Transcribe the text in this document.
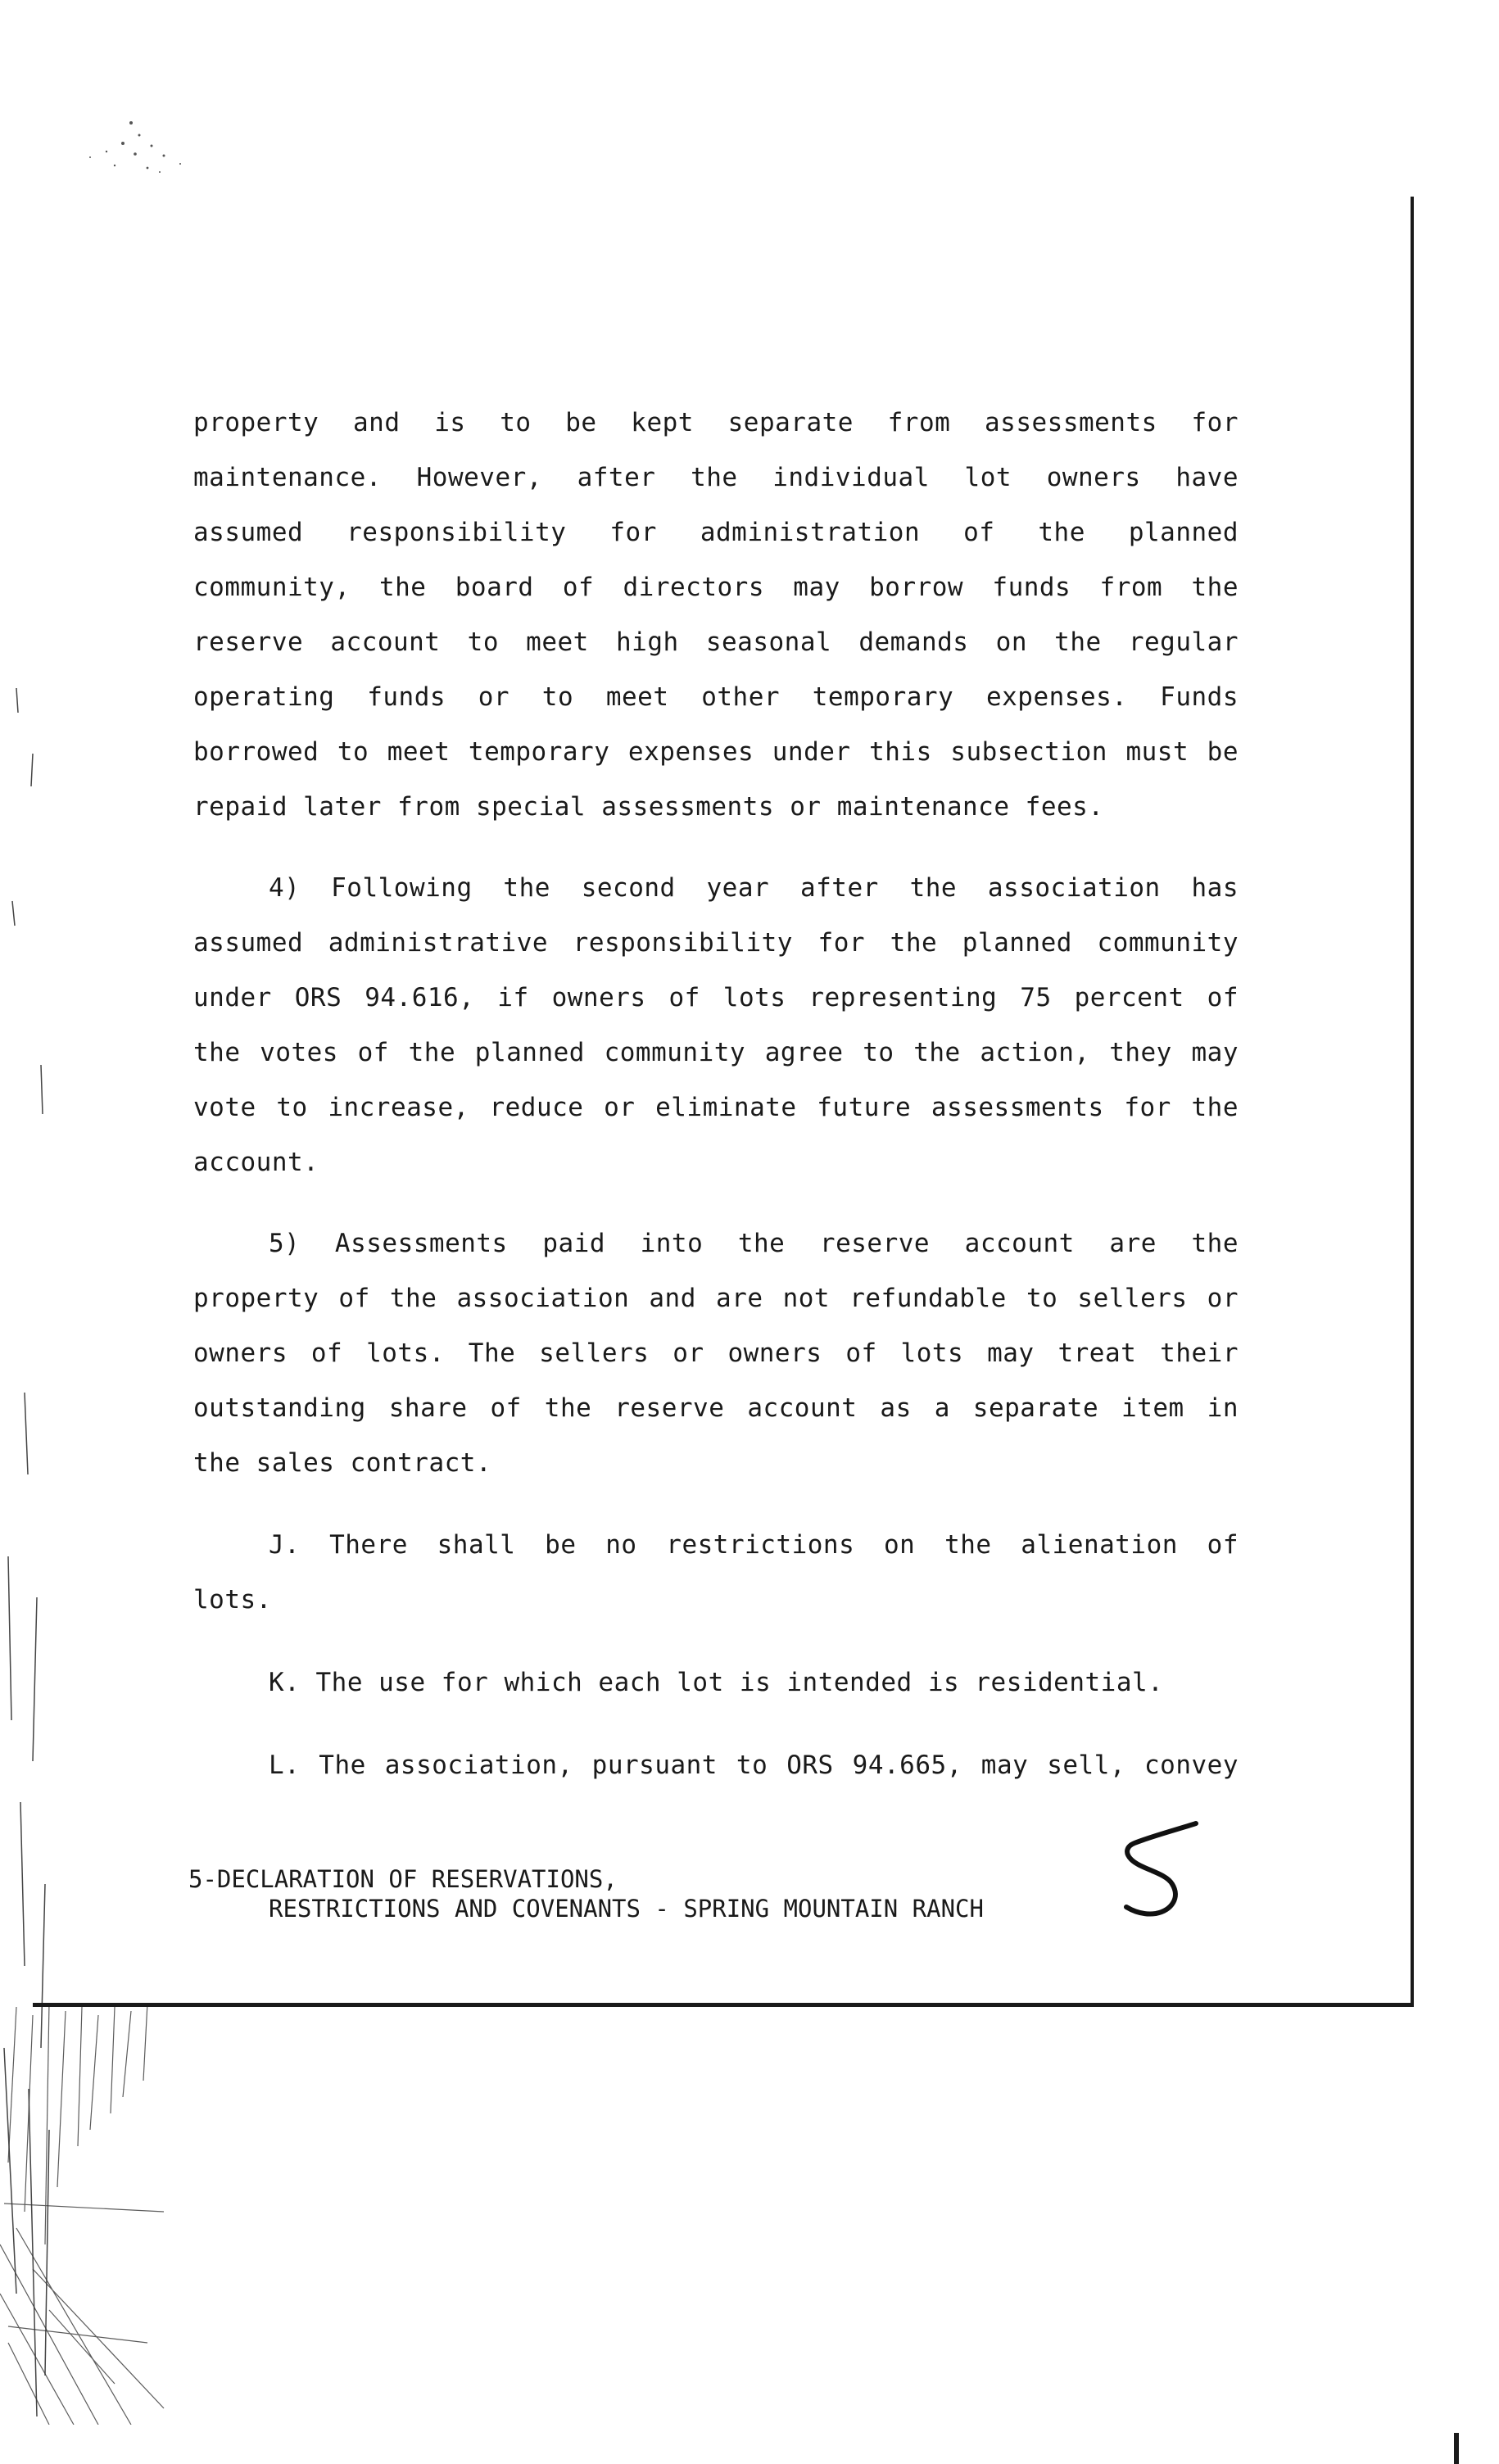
property and is to be kept separate from assessments for
maintenance. However, after the individual lot owners have
assumed responsibility for administration of the planned
community, the board of directors may borrow funds from the
reserve account to meet high seasonal demands on the regular
operating funds or to meet other temporary expenses. Funds
borrowed to meet temporary expenses under this subsection must be
repaid later from special assessments or maintenance fees.
4) Following the second year after the association has
assumed administrative responsibility for the planned community
under ORS 94.616, if owners of lots representing 75 percent of
the votes of the planned community agree to the action, they may
vote to increase, reduce or eliminate future assessments for the
account.
5) Assessments paid into the reserve account are the
property of the association and are not refundable to sellers or
owners of lots. The sellers or owners of lots may treat their
outstanding share of the reserve account as a separate item in
the sales contract.
J. There shall be no restrictions on the alienation of
lots.
K. The use for which each lot is intended is residential.
L. The association, pursuant to ORS 94.665, may sell, convey
5-DECLARATION OF RESERVATIONS,
RESTRICTIONS AND COVENANTS - SPRING MOUNTAIN RANCH
